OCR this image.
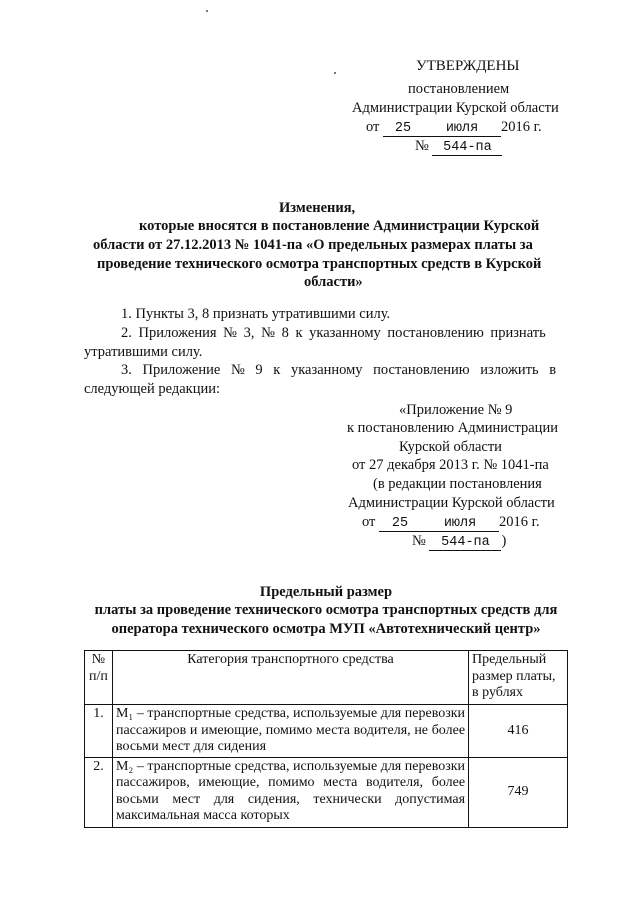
УТВЕРЖДЕНЫ
постановлением
Администрации Курской области
от 25	июля 2016 г.
№ 544-па
Изменения,
которые вносятся в постановление Администрации Курской
области от 27.12.2013 № 1041-па «О предельных размерах платы за
проведение технического осмотра транспортных средств в Курской
области»
1. Пункты 3, 8 признать утратившими силу.
2. Приложения № 3, № 8 к указанному постановлению признать
утратившими силу.
3. Приложение № 9 к указанному постановлению изложить в
следующей редакции:
«Приложение № 9
к постановлению Администрации
Курской области
от 27 декабря 2013 г. № 1041-па
(в редакции постановления
Администрации Курской области
от 25	июля 2016 г.
№ 544-па )
Предельный размер
платы за проведение технического осмотра транспортных средств для
оператора технического осмотра МУП «Автотехнический центр»
№
п/п	Категория транспортного средства	Предельный размер платы, в рублях
1.	M₁ – транспортные средства, используемые для перевозки пассажиров и имеющие, помимо места водителя, не более восьми мест для сидения	416
2.	M₂ – транспортные средства, используемые для перевозки пассажиров, имеющие, помимо места водителя, более восьми мест для сидения, технически допустимая максимальная масса которых	749
